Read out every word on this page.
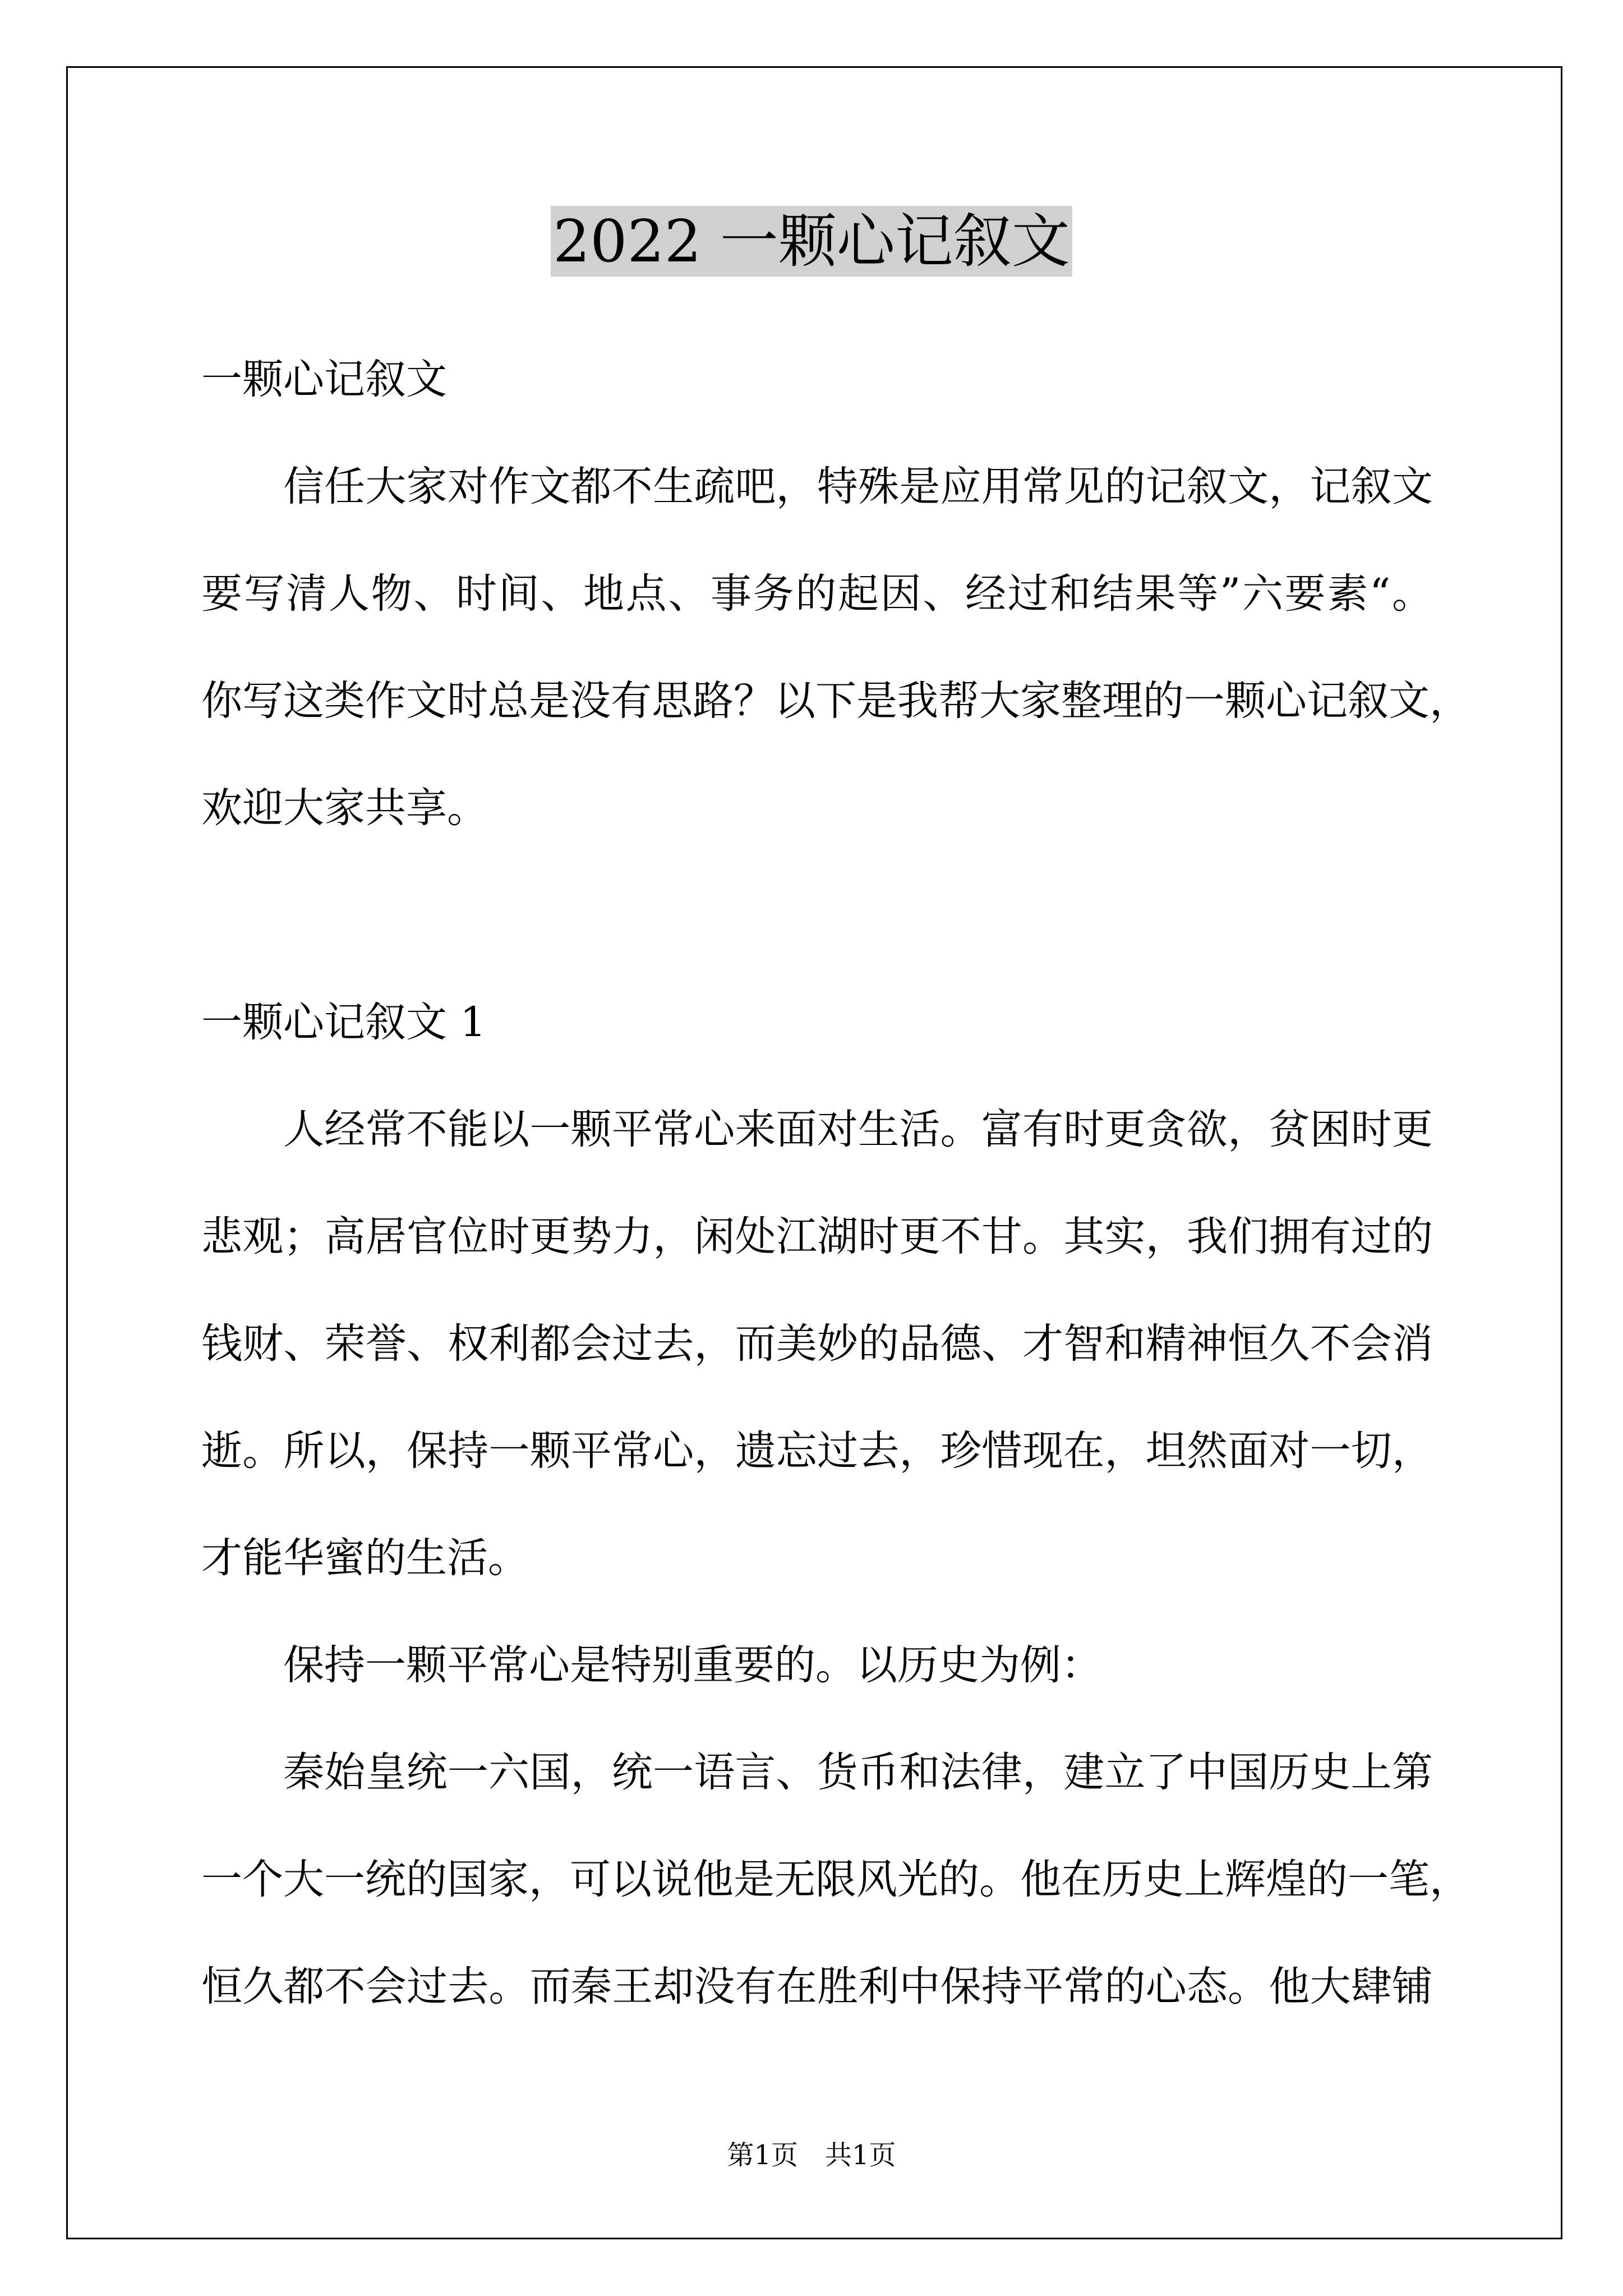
2022 一颗心记叙文
一颗心记叙文
信任大家对作文都不生疏吧，特殊是应用常见的记叙文，记叙文
要写清人物、时间、地点、事务的起因、经过和结果等”六要素“。
你写这类作文时总是没有思路？以下是我帮大家整理的一颗心记叙文，
欢迎大家共享。
一颗心记叙文 1
人经常不能以一颗平常心来面对生活。富有时更贪欲，贫困时更
悲观；高居官位时更势力，闲处江湖时更不甘。其实，我们拥有过的
钱财、荣誉、权利都会过去，而美妙的品德、才智和精神恒久不会消
逝。所以，保持一颗平常心，遗忘过去，珍惜现在，坦然面对一切，
才能华蜜的生活。
保持一颗平常心是特别重要的。以历史为例：
秦始皇统一六国，统一语言、货币和法律，建立了中国历史上第
一个大一统的国家，可以说他是无限风光的。他在历史上辉煌的一笔，
恒久都不会过去。而秦王却没有在胜利中保持平常的心态。他大肆铺
第1页 共1页
